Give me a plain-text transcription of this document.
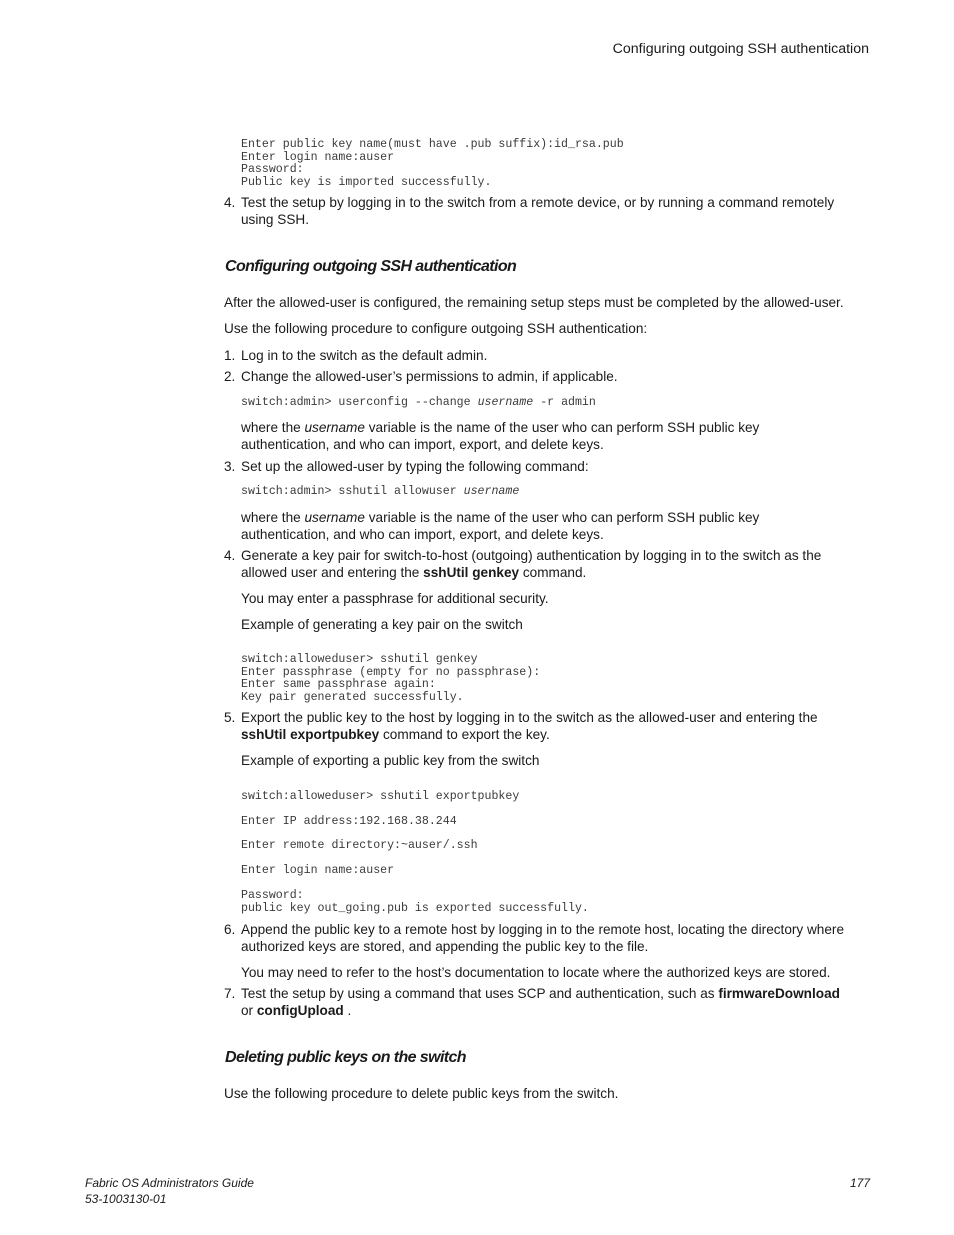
Configuring outgoing SSH authentication
Enter public key name(must have .pub suffix):id_rsa.pub
Enter login name:auser
Password:
Public key is imported successfully.
4. Test the setup by logging in to the switch from a remote device, or by running a command remotely using SSH.
Configuring outgoing SSH authentication
After the allowed-user is configured, the remaining setup steps must be completed by the allowed-user.
Use the following procedure to configure outgoing SSH authentication:
1. Log in to the switch as the default admin.
2. Change the allowed-user’s permissions to admin, if applicable.
switch:admin> userconfig --change username -r admin
where the username variable is the name of the user who can perform SSH public key authentication, and who can import, export, and delete keys.
3. Set up the allowed-user by typing the following command:
switch:admin> sshutil allowuser username
where the username variable is the name of the user who can perform SSH public key authentication, and who can import, export, and delete keys.
4. Generate a key pair for switch-to-host (outgoing) authentication by logging in to the switch as the allowed user and entering the sshUtil genkey command.
You may enter a passphrase for additional security.
Example of generating a key pair on the switch
switch:alloweduser> sshutil genkey
Enter passphrase (empty for no passphrase):
Enter same passphrase again:
Key pair generated successfully.
5. Export the public key to the host by logging in to the switch as the allowed-user and entering the sshUtil exportpubkey command to export the key.
Example of exporting a public key from the switch
switch:alloweduser> sshutil exportpubkey
Enter IP address:192.168.38.244
Enter remote directory:~auser/.ssh
Enter login name:auser
Password:
public key out_going.pub is exported successfully.
6. Append the public key to a remote host by logging in to the remote host, locating the directory where authorized keys are stored, and appending the public key to the file.
You may need to refer to the host’s documentation to locate where the authorized keys are stored.
7. Test the setup by using a command that uses SCP and authentication, such as firmwareDownload
or configUpload .
Deleting public keys on the switch
Use the following procedure to delete public keys from the switch.
Fabric OS Administrators Guide
53-1003130-01
177
